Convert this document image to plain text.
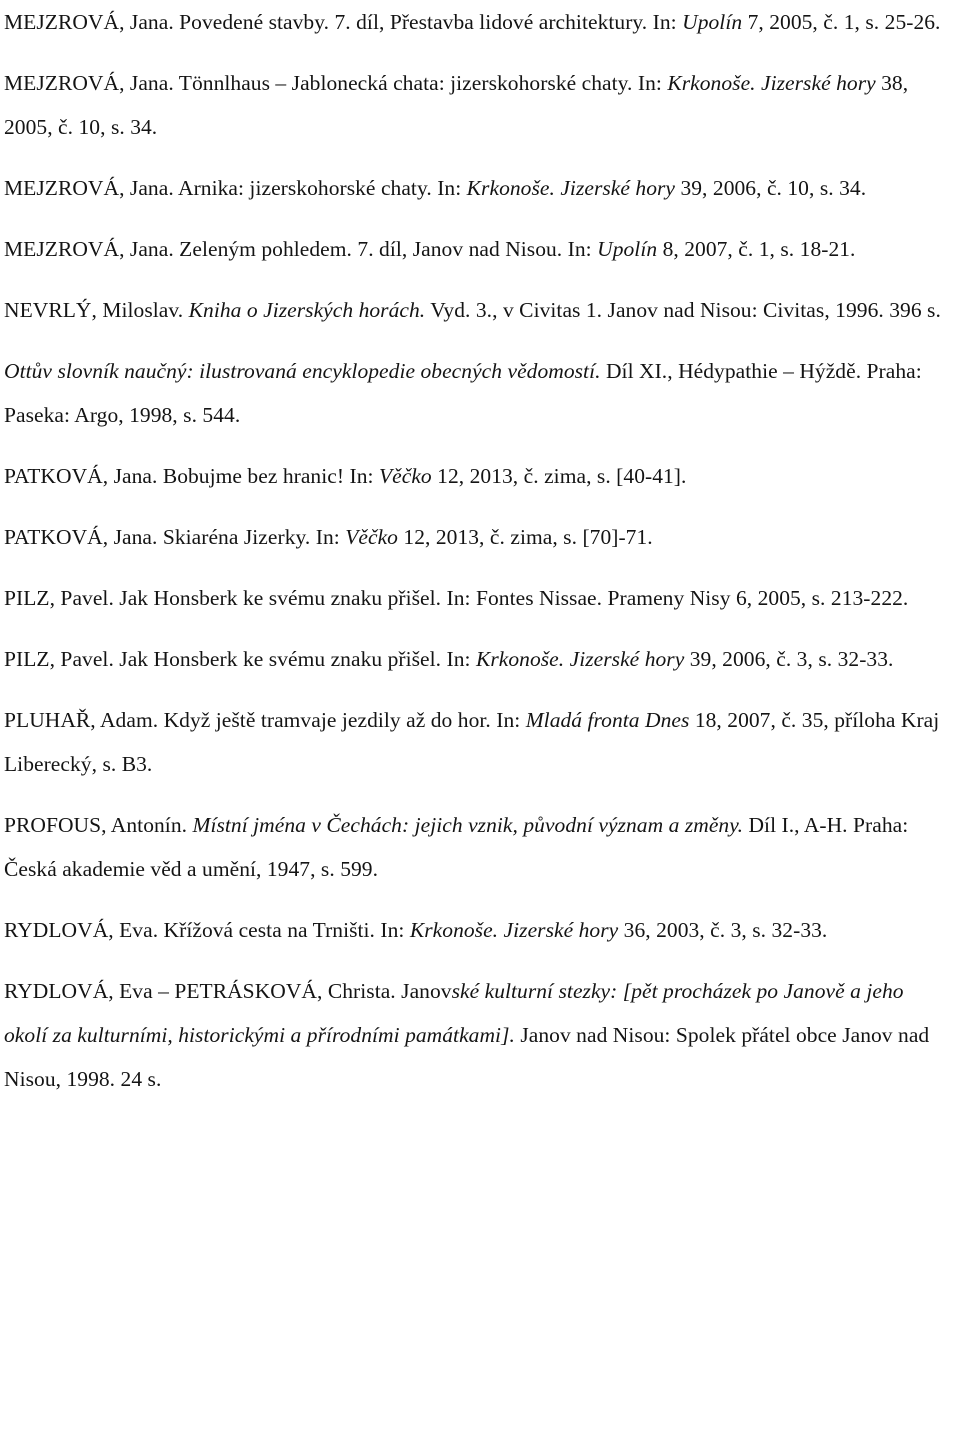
MEJZROVÁ, Jana. Povedené stavby. 7. díl, Přestavba lidové architektury. In: Upolín 7, 2005, č. 1, s. 25-26.

MEJZROVÁ, Jana. Tönnlhaus – Jablonecká chata: jizerskohorské chaty. In: Krkonoše. Jizerské hory 38, 2005, č. 10, s. 34.

MEJZROVÁ, Jana. Arnika: jizerskohorské chaty. In: Krkonoše. Jizerské hory 39, 2006, č. 10, s. 34.

MEJZROVÁ, Jana. Zeleným pohledem. 7. díl, Janov nad Nisou. In: Upolín 8, 2007, č. 1, s. 18-21.

NEVRLÝ, Miloslav. Kniha o Jizerských horách. Vyd. 3., v Civitas 1. Janov nad Nisou: Civitas, 1996. 396 s.

Ottův slovník naučný: ilustrovaná encyklopedie obecných vědomostí. Díl XI., Hédypathie – Hýždě. Praha: Paseka: Argo, 1998, s. 544.

PATKOVÁ, Jana. Bobujme bez hranic! In: Věčko 12, 2013, č. zima, s. [40-41].

PATKOVÁ, Jana. Skiaréna Jizerky. In: Věčko 12, 2013, č. zima, s. [70]-71.

PILZ, Pavel. Jak Honsberk ke svému znaku přišel. In: Fontes Nissae. Prameny Nisy 6, 2005, s. 213-222.

PILZ, Pavel. Jak Honsberk ke svému znaku přišel. In: Krkonoše. Jizerské hory 39, 2006, č. 3, s. 32-33.

PLUHAŘ, Adam. Když ještě tramvaje jezdily až do hor. In: Mladá fronta Dnes 18, 2007, č. 35, příloha Kraj Liberecký, s. B3.

PROFOUS, Antonín. Místní jména v Čechách: jejich vznik, původní význam a změny. Díl I., A-H. Praha: Česká akademie věd a umění, 1947, s. 599.

RYDLOVÁ, Eva. Křížová cesta na Trništi. In: Krkonoše. Jizerské hory 36, 2003, č. 3, s. 32-33.

RYDLOVÁ, Eva – PETRÁSKOVÁ, Christa. Janovské kulturní stezky: [pět procházek po Janově a jeho okolí za kulturními, historickými a přírodními památkami]. Janov nad Nisou: Spolek přátel obce Janov nad Nisou, 1998. 24 s.
